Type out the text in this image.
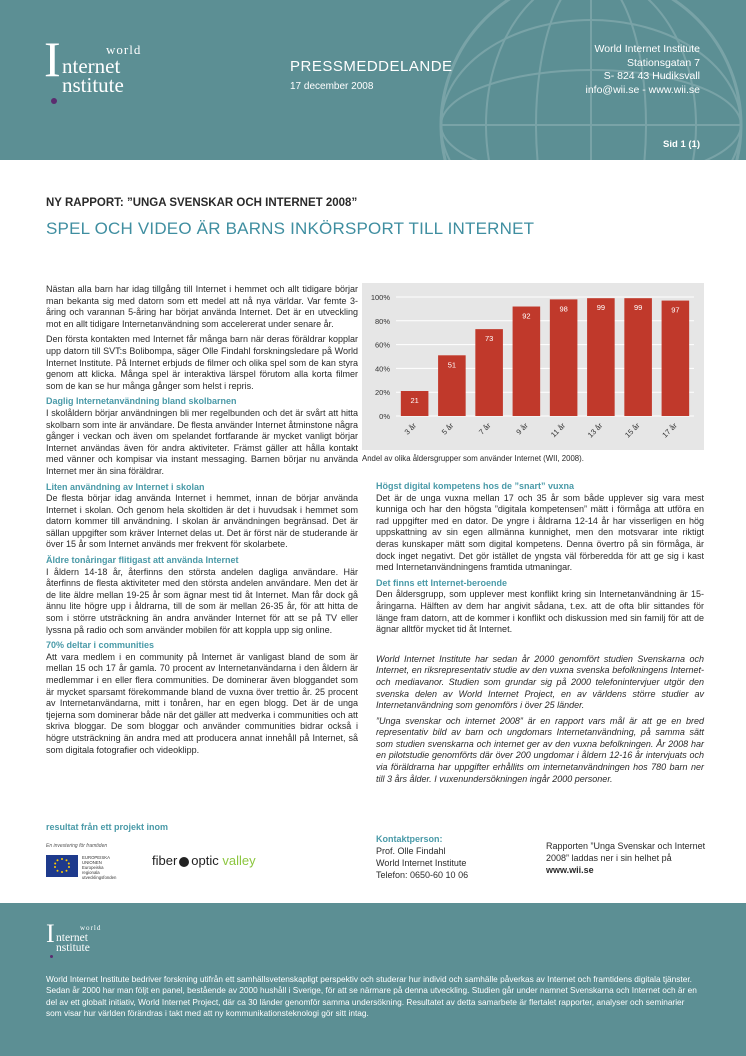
world
I nternet
nstitute
PRESSMEDDELANDE
17 december 2008
World Internet Institute
Stationsgatan 7
S- 824 43 Hudiksvall
info@wii.se - www.wii.se
Sid 1 (1)
NY RAPPORT: ”UNGA SVENSKAR OCH INTERNET 2008”
SPEL OCH VIDEO ÄR BARNS INKÖRSPORT TILL INTERNET

Nästan alla barn har idag tillgång till Internet i hemmet och allt tidigare börjar man bekanta sig med datorn som ett medel att nå nya världar. Var femte 3-åring och varannan 5-åring har börjat använda Internet. Det är en utveckling mot en allt tidigare Internetanvändning som accelererat under senare år.

Den första kontakten med Internet får många barn när deras föräldrar kopplar upp datorn till SVT:s Bolibompa, säger Olle Findahl forskningsledare på World Internet Institute. På Internet erbjuds de filmer och olika spel som de kan styra genom att klicka. Många spel är interaktiva lärspel förutom alla korta filmer som de kan se hur många gånger som helst i repris.

Daglig Internetanvändning bland skolbarnen

I skolåldern börjar användningen bli mer regelbunden och det är svårt att hitta skolbarn som inte är användare. De flesta använder Internet åtminstone några gånger i veckan och även om spelandet fortfarande är mycket vanligt börjar Internet användas även för andra aktiviteter. Främst gäller att hålla kontakt med vänner och kompisar via instant messaging. Barnen börjar nu använda Internet mer än sina föräldrar.

Liten användning av Internet i skolan

De flesta börjar idag använda Internet i hemmet, innan de börjar använda Internet i skolan. Och genom hela skoltiden är det i huvudsak i hemmet som datorn kommer till användning. I skolan är användningen begränsad. Det är sällan uppgifter som kräver Internet delas ut. Det är först när de studerande är över 15 år som Internet används mer frekvent för skolarbete.

Äldre tonåringar flitigast att använda Internet

I åldern 14-18 år, återfinns den största andelen dagliga användare. Här återfinns de flesta aktiviteter med den största andelen användare. Men det är de lite äldre mellan 19-25 år som ägnar mest tid åt Internet. Man får dock gå ännu lite högre upp i åldrarna, till de som är mellan 26-35 år, för att hitta de som i större utsträckning än andra använder Internet för att se på TV eller lyssna på radio och som använder mobilen för att koppla upp sig online.

70% deltar i communities

Att vara medlem i en community på Internet är vanligast bland de som är mellan 15 och 17 år gamla. 70 procent av Internetanvändarna i den åldern är medlemmar i en eller flera communities. De dominerar även bloggandet som är mycket sparsamt förekommande bland de vuxna över trettio år. 25 procent av Internetanvändarna, mitt i tonåren, har en egen blogg. Det är de unga tjejerna som dominerar både när det gäller att medverka i communities och att skriva bloggar. De som bloggar och använder communities bidrar också i högre utsträckning än andra med att producera annat innehåll på Internet, så som digitala fotografier och videoklipp.

0%
20%
40%
60%
80%
100%
21
3 år
51
5 år
73
7 år
92
9 år
98
11 år
99
13 år
99
15 år
97
17 år
Andel av olika åldersgrupper som använder Internet (WII, 2008).
Högst digital kompetens hos de ”snart” vuxna

Det är de unga vuxna mellan 17 och 35 år som både upplever sig vara mest kunniga och har den högsta ”digitala kompetensen” mätt i förmåga att utföra en rad uppgifter med en dator. De yngre i åldrarna 12-14 år har visserligen en hög uppskattning av sin egen allmänna kunnighet, men den motsvarar inte riktigt deras kunskaper mätt som digital kompetens. Denna övertro på sin förmåga, är dock inget negativt. Det gör istället de yngsta väl förberedda för att ge sig i kast med Internetanvändningens framtida utmaningar.

Det finns ett Internet-beroende

Den åldersgrupp, som upplever mest konflikt kring sin Internetanvändning är 15-åringarna. Hälften av dem har angivit sådana, t.ex. att de ofta blir sittandes för länge fram datorn, att de kommer i konflikt och diskussion med sin familj för att de ägnar alltför mycket tid åt Internet.

World Internet Institute har sedan år 2000 genomfört studien Svenskarna och Internet, en riksrepresentativ studie av den vuxna svenska befolkningens Internet- och mediavanor. Studien som grundar sig på 2000 telefonintervjuer utgör den svenska delen av World Internet Project, en av världens större studier av Internetanvändning som genomförs i över 25 länder.

”Unga svenskar och internet 2008” är en rapport vars mål är att ge en bred representativ bild av barn och ungdomars Internetanvändning, på samma sätt som studien svenskarna och internet ger av den vuxna befolkningen. År 2008 har en pilotstudie genomförts där över 200 ungdomar i åldern 12-16 år intervjuats och via föräldrarna har uppgifter erhållits om internetanvändningen hos 780 barn ner till 3 års ålder. I vuxenundersökningen ingår 2000 personer.

resultat från ett projekt inom
En investering för framtiden
EUROPEISKA
UNIONEN
Europeiska
regionala
utvecklingsfonden
fiber optic valley
Kontaktperson:
Prof. Olle Findahl
World Internet Institute
Telefon: 0650-60 10 06
Rapporten ”Unga Svenskar och Internet 2008” laddas ner i sin helhet på www.wii.se
world
I nternet
nstitute
World Internet Institute bedriver forskning utifrån ett samhällsvetenskapligt perspektiv och studerar hur individ och samhälle påverkas av Internet och framtidens digitala tjänster. Sedan år 2000 har man följt en panel, bestående av 2000 hushåll i Sverige, för att se närmare på denna utveckling. Studien går under namnet Svenskarna och Internet och är en del av ett globalt initiativ, World Internet Project, där ca 30 länder genomför samma undersökning. Resultatet av detta samarbete är flertalet rapporter, analyser och seminarier som visar hur världen förändras i takt med att ny kommunikationsteknologi gör sitt intag.
